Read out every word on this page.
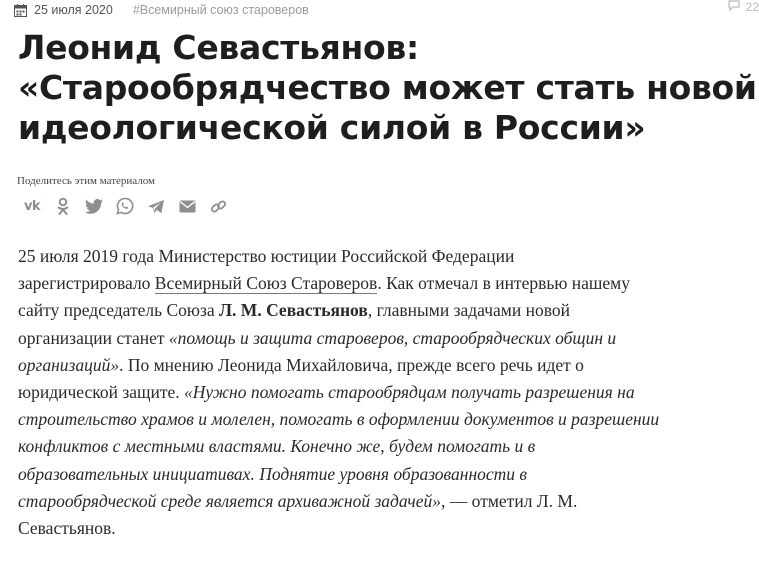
25 июля 2020 #Всемирный союз староверов	22
Леонид Севастьянов:
«Старообрядчество может стать новой
идеологической силой в России»
Поделитесь этим материалом
vk

25 июля 2019 года Министерство юстиции Российской Федерации
зарегистрировало Всемирный Союз Староверов. Как отмечал в интервью нашему
сайту председатель Союза Л. М. Севастьянов, главными задачами новой
организации станет «помощь и защита староверов, старообрядческих общин и
организаций». По мнению Леонида Михайловича, прежде всего речь идет о
юридической защите. «Нужно помогать старообрядцам получать разрешения на
строительство храмов и молелен, помогать в оформлении документов и разрешении
конфликтов с местными властями. Конечно же, будем помогать и в
образовательных инициативах. Поднятие уровня образованности в
старообрядческой среде является архиважной задачей», — отметил Л. М.
Севастьянов.
